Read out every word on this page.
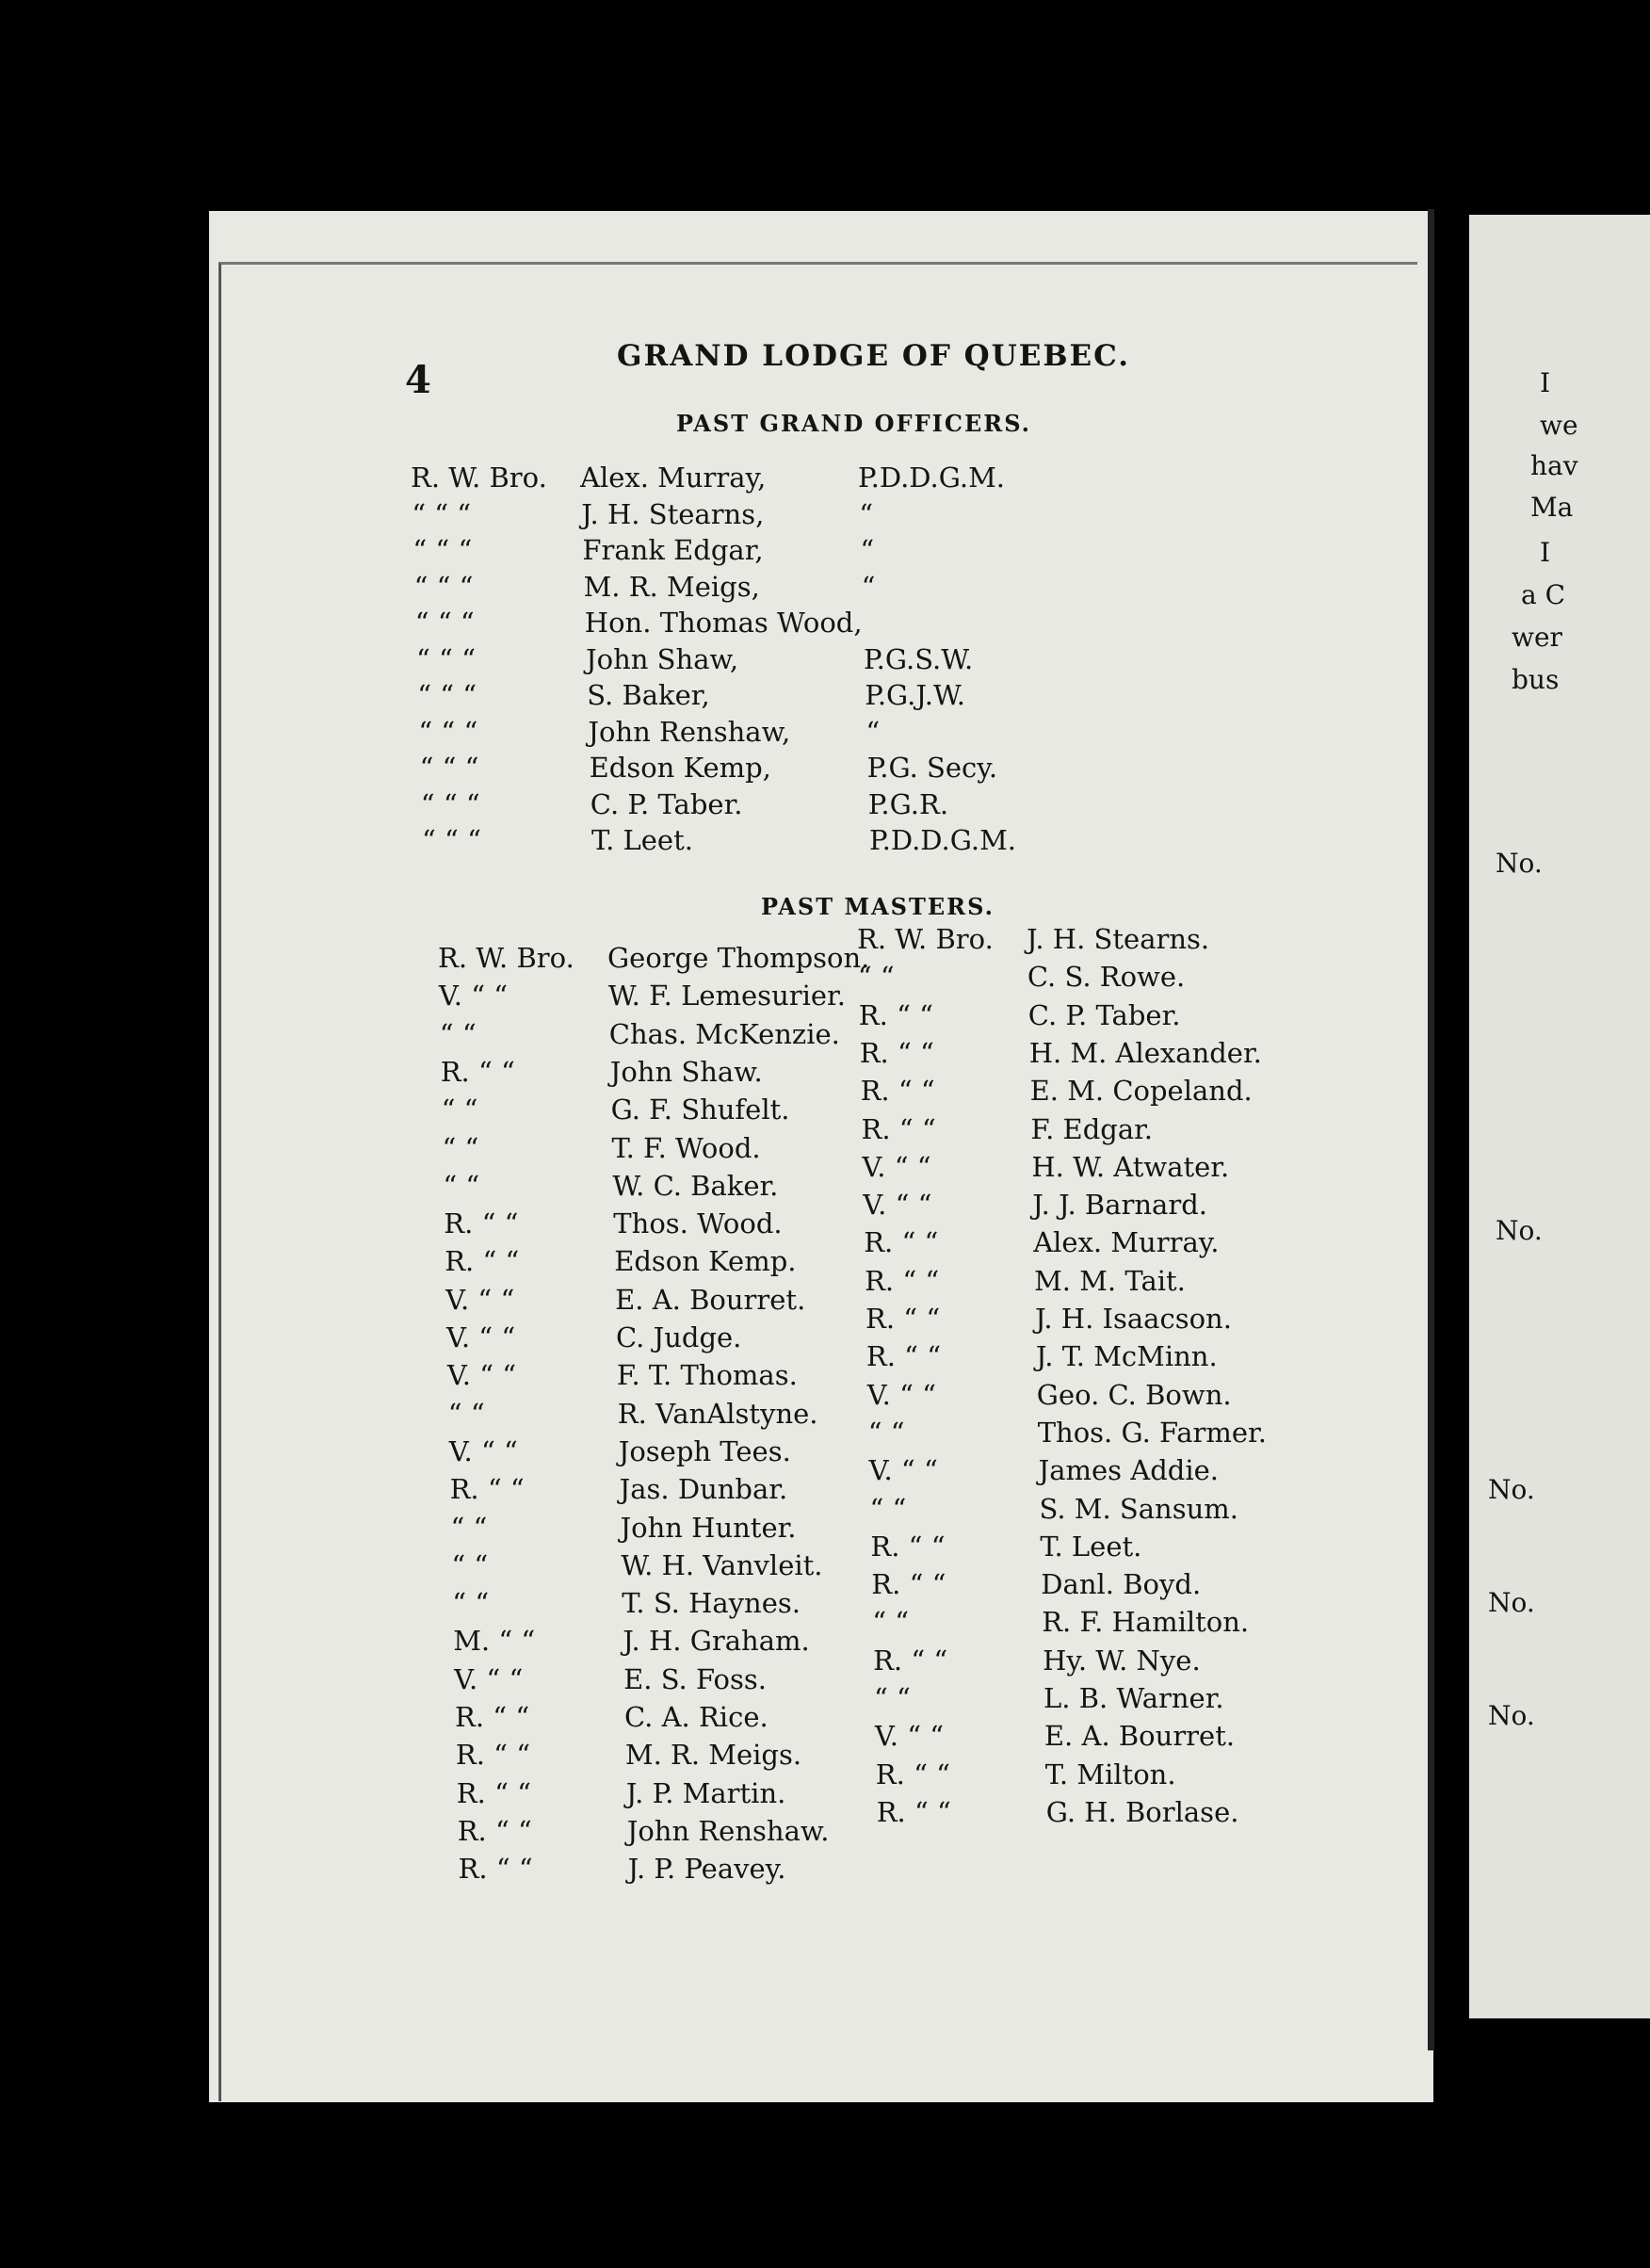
I
we
hav
Ma
I
a C
wer
bus
No.
No.
No.
No.
No.
4
GRAND LODGE OF QUEBEC.
PAST GRAND OFFICERS.
R. W. Bro. Alex. Murray,	P.D.D.G.M.
“ “ “	J. H. Stearns,	“
“ “ “	Frank Edgar,	“
“ “ “	M. R. Meigs,	“
“ “ “	Hon. Thomas Wood,
“ “ “	John Shaw,	P.G.S.W.
“ “ “	S. Baker,	P.G.J.W.
“ “ “	John Renshaw,	“
“ “ “	Edson Kemp,	P.G. Secy.
“ “ “	C. P. Taber.	P.G.R.
“ “ “	T. Leet.	P.D.D.G.M.
PAST MASTERS.
R. W. Bro. George Thompson.
V. “ “	W. F. Lemesurier.
“ “	Chas. McKenzie.
R. “ “	John Shaw.
“ “	G. F. Shufelt.
“ “	T. F. Wood.
“ “	W. C. Baker.
R. “ “	Thos. Wood.
R. “ “	Edson Kemp.
V. “ “	E. A. Bourret.
V. “ “	C. Judge.
V. “ “	F. T. Thomas.
“ “	R. VanAlstyne.
V. “ “	Joseph Tees.
R. “ “	Jas. Dunbar.
“ “	John Hunter.
“ “	W. H. Vanvleit.
“ “	T. S. Haynes.
M. “ “	J. H. Graham.
V. “ “	E. S. Foss.
R. “ “	C. A. Rice.
R. “ “	M. R. Meigs.
R. “ “	J. P. Martin.
R. “ “	John Renshaw.
R. “ “	J. P. Peavey.
R. W. Bro. J. H. Stearns.
“ “	C. S. Rowe.
R. “ “	C. P. Taber.
R. “ “	H. M. Alexander.
R. “ “	E. M. Copeland.
R. “ “	F. Edgar.
V. “ “	H. W. Atwater.
V. “ “	J. J. Barnard.
R. “ “	Alex. Murray.
R. “ “	M. M. Tait.
R. “ “	J. H. Isaacson.
R. “ “	J. T. McMinn.
V. “ “	Geo. C. Bown.
“ “	Thos. G. Farmer.
V. “ “	James Addie.
“ “	S. M. Sansum.
R. “ “	T. Leet.
R. “ “	Danl. Boyd.
“ “	R. F. Hamilton.
R. “ “	Hy. W. Nye.
“ “	L. B. Warner.
V. “ “	E. A. Bourret.
R. “ “	T. Milton.
R. “ “	G. H. Borlase.
